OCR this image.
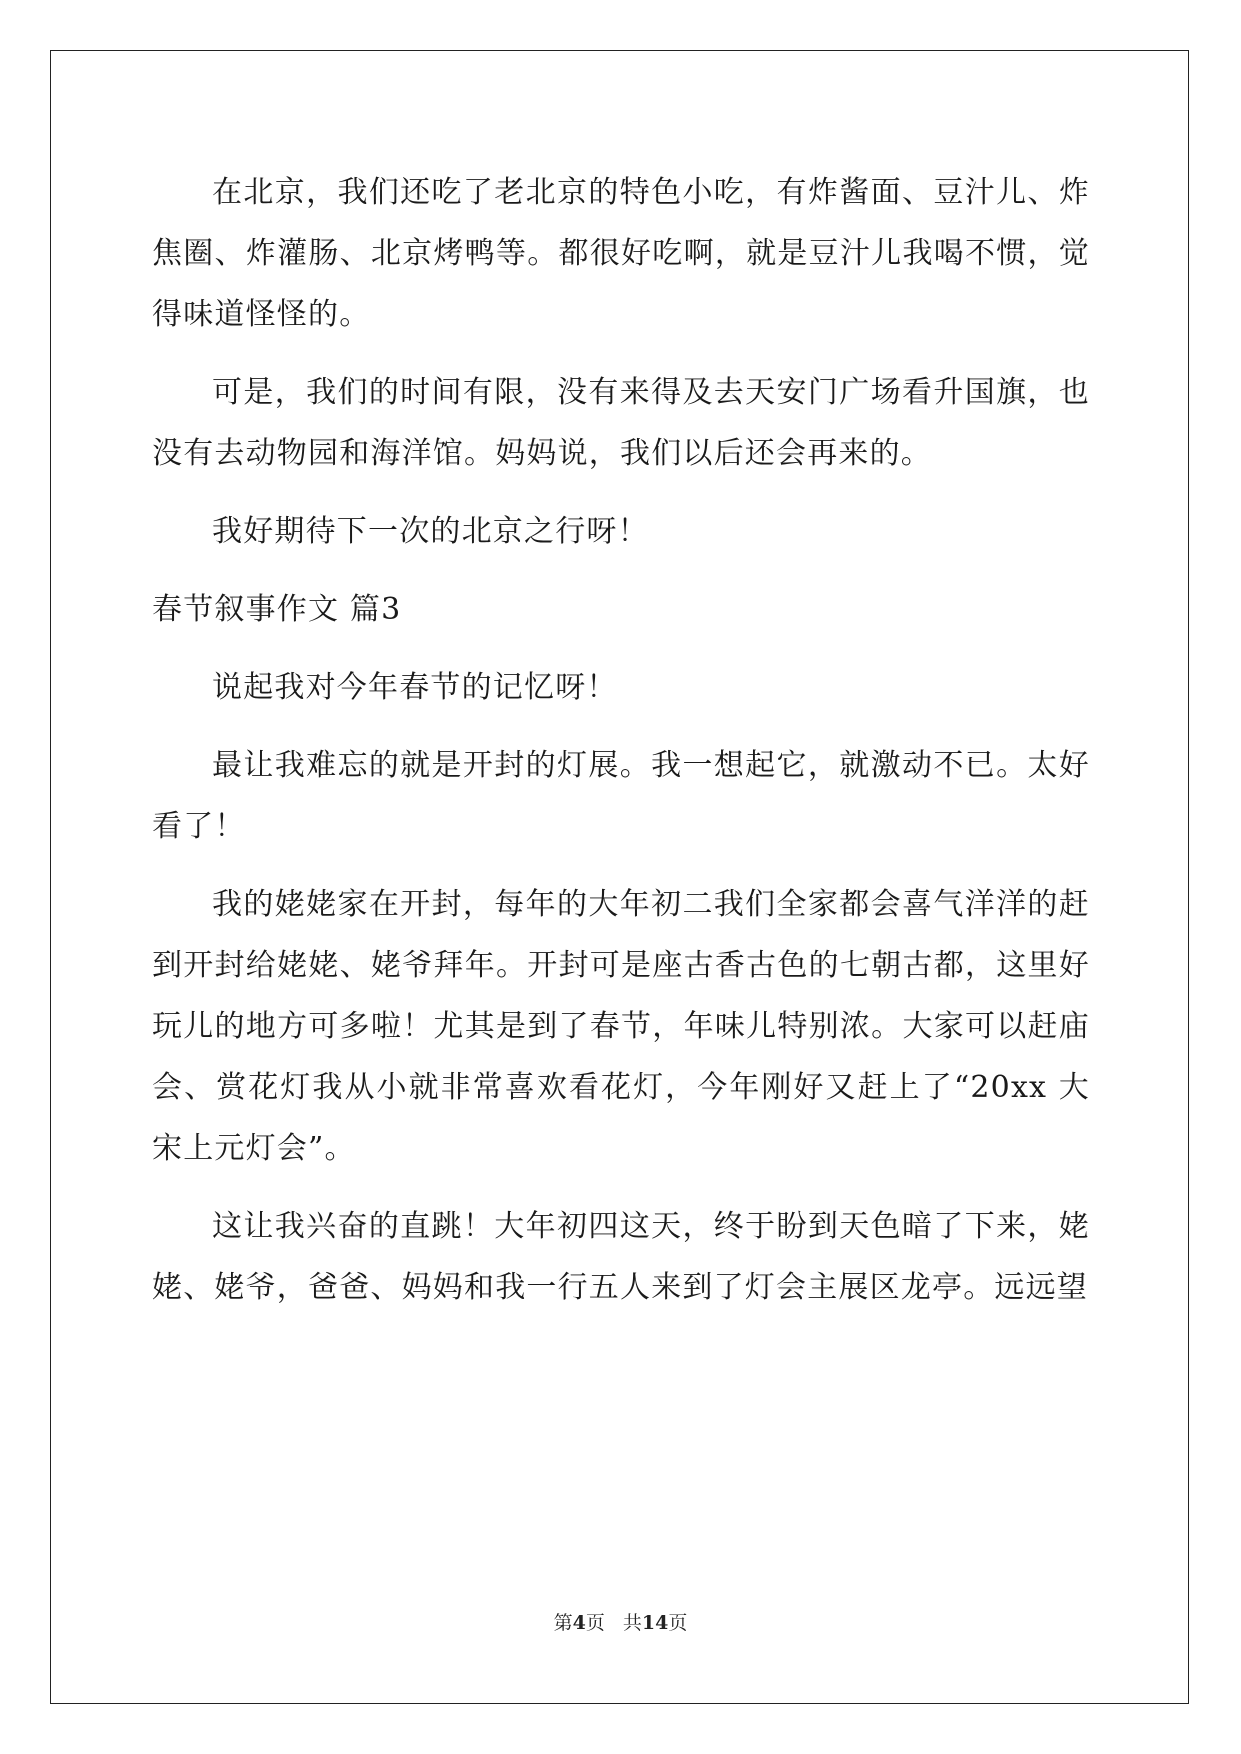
在北京，我们还吃了老北京的特色小吃，有炸酱面、豆汁儿、炸焦圈、炸灌肠、北京烤鸭等。都很好吃啊，就是豆汁儿我喝不惯，觉得味道怪怪的。

可是，我们的时间有限，没有来得及去天安门广场看升国旗，也没有去动物园和海洋馆。妈妈说，我们以后还会再来的。

我好期待下一次的北京之行呀！

春节叙事作文 篇3

说起我对今年春节的记忆呀！

最让我难忘的就是开封的灯展。我一想起它，就激动不已。太好看了！

我的姥姥家在开封，每年的大年初二我们全家都会喜气洋洋的赶到开封给姥姥、姥爷拜年。开封可是座古香古色的七朝古都，这里好玩儿的地方可多啦！尤其是到了春节，年味儿特别浓。大家可以赶庙会、赏花灯我从小就非常喜欢看花灯，今年刚好又赶上了“20xx 大宋上元灯会”。

这让我兴奋的直跳！大年初四这天，终于盼到天色暗了下来，姥姥、姥爷，爸爸、妈妈和我一行五人来到了灯会主展区龙亭。远远望

第4页 共14页
